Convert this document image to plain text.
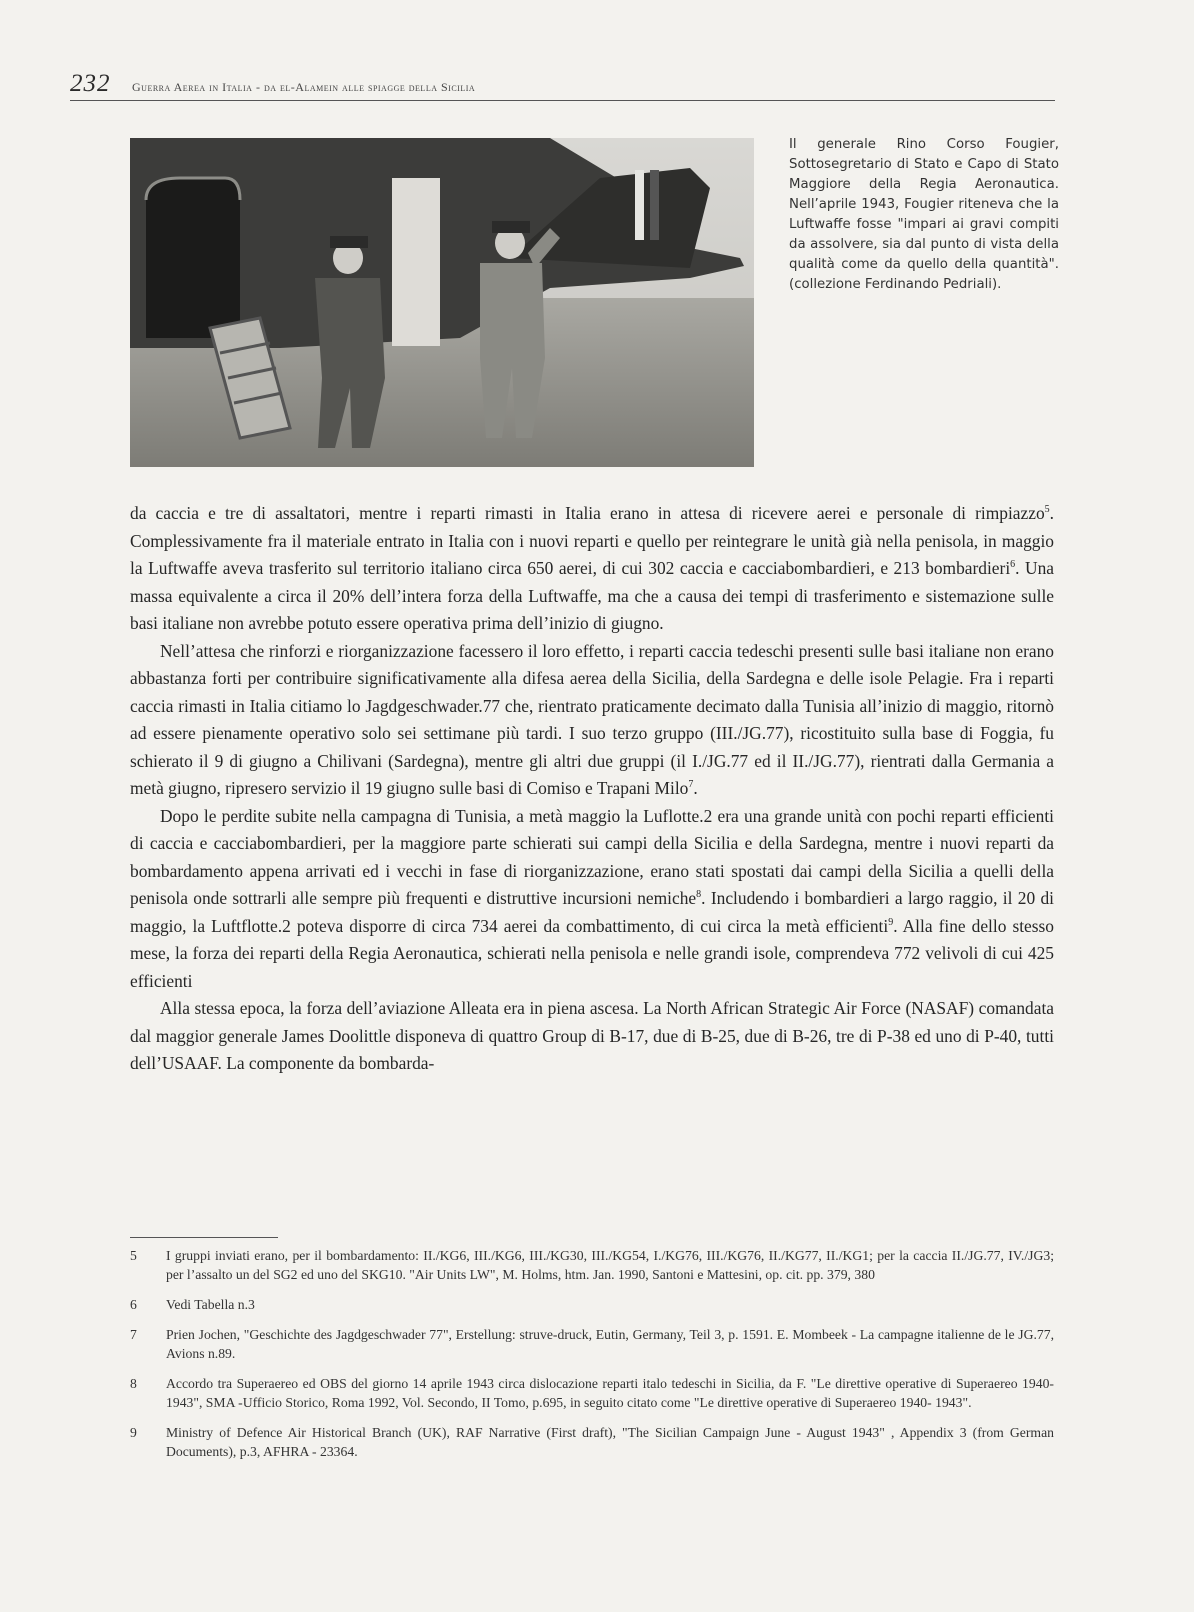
232 Guerra Aerea in Italia - da el-Alamein alle spiagge della Sicilia

Il generale Rino Corso Fougier, Sottosegretario di Stato e Capo di Stato Maggiore della Regia Aeronautica. Nell’aprile 1943, Fougier riteneva che la Luftwaffe fosse "impari ai gravi compiti da assolvere, sia dal punto di vista della qualità come da quello della quantità". (collezione Ferdinando Pedriali).

da caccia e tre di assaltatori, mentre i reparti rimasti in Italia erano in attesa di ricevere aerei e personale di rimpiazzo$^5$. Complessivamente fra il materiale entrato in Italia con i nuovi reparti e quello per reintegrare le unità già nella penisola, in maggio la Luftwaffe aveva trasferito sul territorio italiano circa 650 aerei, di cui 302 caccia e cacciabombardieri, e 213 bombardieri$^6$. Una massa equivalente a circa il 20% dell’intera forza della Luftwaffe, ma che a causa dei tempi di trasferimento e sistemazione sulle basi italiane non avrebbe potuto essere operativa prima dell’inizio di giugno.

Nell’attesa che rinforzi e riorganizzazione facessero il loro effetto, i reparti caccia tedeschi presenti sulle basi italiane non erano abbastanza forti per contribuire significativamente alla difesa aerea della Sicilia, della Sardegna e delle isole Pelagie. Fra i reparti caccia rimasti in Italia citiamo lo Jagdgeschwader.77 che, rientrato praticamente decimato dalla Tunisia all’inizio di maggio, ritornò ad essere pienamente operativo solo sei settimane più tardi. I suo terzo gruppo (III./JG.77), ricostituito sulla base di Foggia, fu schierato il 9 di giugno a Chilivani (Sardegna), mentre gli altri due gruppi (il I./JG.77 ed il II./JG.77), rientrati dalla Germania a metà giugno, ripresero servizio il 19 giugno sulle basi di Comiso e Trapani Milo$^7$.

Dopo le perdite subite nella campagna di Tunisia, a metà maggio la Luflotte.2 era una grande unità con pochi reparti efficienti di caccia e cacciabombardieri, per la maggiore parte schierati sui campi della Sicilia e della Sardegna, mentre i nuovi reparti da bombardamento appena arrivati ed i vecchi in fase di riorganizzazione, erano stati spostati dai campi della Sicilia a quelli della penisola onde sottrarli alle sempre più frequenti e distruttive incursioni nemiche$^8$. Includendo i bombardieri a largo raggio, il 20 di maggio, la Luftflotte.2 poteva disporre di circa 734 aerei da combattimento, di cui circa la metà efficienti$^9$. Alla fine dello stesso mese, la forza dei reparti della Regia Aeronautica, schierati nella penisola e nelle grandi isole, comprendeva 772 velivoli di cui 425 efficienti

Alla stessa epoca, la forza dell’aviazione Alleata era in piena ascesa. La North African Strategic Air Force (NASAF) comandata dal maggior generale James Doolittle disponeva di quattro Group di B-17, due di B-25, due di B-26, tre di P-38 ed uno di P-40, tutti dell’USAAF. La componente da bombarda-

5 I gruppi inviati erano, per il bombardamento: II./KG6, III./KG6, III./KG30, III./KG54, I./KG76, III./KG76, II./KG77, II./KG1; per la caccia II./JG.77, IV./JG3; per l’assalto un del SG2 ed uno del SKG10. "Air Units LW", M. Holms, htm. Jan. 1990, Santoni e Mattesini, op. cit. pp. 379, 380
6 Vedi Tabella n.3
7 Prien Jochen, "Geschichte des Jagdgeschwader 77", Erstellung: struve-druck, Eutin, Germany, Teil 3, p. 1591. E. Mombeek - La campagne italienne de le JG.77, Avions n.89.
8 Accordo tra Superaereo ed OBS del giorno 14 aprile 1943 circa dislocazione reparti italo tedeschi in Sicilia, da F. "Le direttive operative di Superaereo 1940- 1943", SMA -Ufficio Storico, Roma 1992, Vol. Secondo, II Tomo, p.695, in seguito citato come "Le direttive operative di Superaereo 1940- 1943".
9 Ministry of Defence Air Historical Branch (UK), RAF Narrative (First draft), "The Sicilian Campaign June - August 1943" , Appendix 3 (from German Documents), p.3, AFHRA - 23364.
